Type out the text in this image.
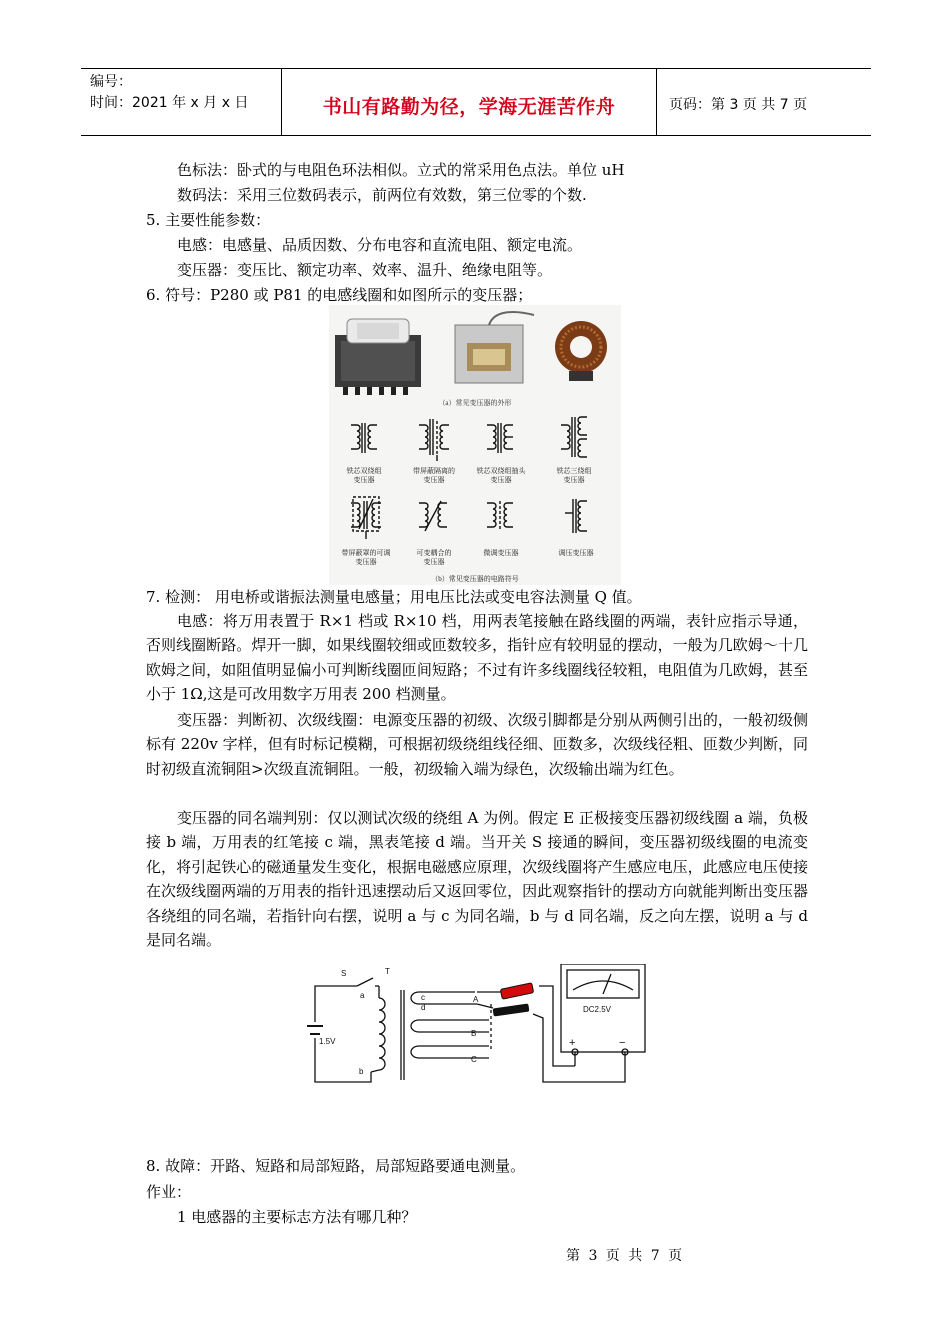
编号：
时间：2021 年 x 月 x 日	书山有路勤为径，学海无涯苦作舟	页码：第 3 页 共 7 页
色标法：卧式的与电阻色环法相似。立式的常采用色点法。单位 uH
数码法：采用三位数码表示，前两位有效数，第三位零的个数.
5. 主要性能参数：
电感：电感量、品质因数、分布电容和直流电阻、额定电流。
变压器：变压比、额定功率、效率、温升、绝缘电阻等。
6. 符号：P280 或 P81 的电感线圈和如图所示的变压器；
（a）常见变压器的外形
铁芯双绕组
变压器
带屏蔽隔离的
变压器
铁芯双绕组抽头
变压器
铁芯三绕组
变压器
带屏蔽罩的可调
变压器
可变耦合的
变压器
微调变压器	调压变压器
（b）常见变压器的电路符号
7. 检测： 用电桥或谐振法测量电感量；用电压比法或变电容法测量 Q 值。
电感：将万用表置于 R×1 档或 R×10 档，用两表笔接触在路线圈的两端，表针应指示导通，否则线圈断路。焊开一脚，如果线圈较细或匝数较多，指针应有较明显的摆动，一般为几欧姆～十几欧姆之间，如阻值明显偏小可判断线圈匝间短路；不过有许多线圈线径较粗，电阻值为几欧姆，甚至小于 1Ω,这是可改用数字万用表 200 档测量。
变压器：判断初、次级线圈：电源变压器的初级、次级引脚都是分别从两侧引出的，一般初级侧标有 220v 字样，但有时标记模糊，可根据初级绕组线径细、匝数多，次级线径粗、匝数少判断，同时初级直流铜阻>次级直流铜阻。一般，初级输入端为绿色，次级输出端为红色。
变压器的同名端判别：仅以测试次级的绕组 A 为例。假定 E 正极接变压器初级线圈 a 端，负极接 b 端，万用表的红笔接 c 端，黑表笔接 d 端。当开关 S 接通的瞬间，变压器初级线圈的电流变化，将引起铁心的磁通量发生变化，根据电磁感应原理，次级线圈将产生感应电压，此感应电压使接在次级线圈两端的万用表的指针迅速摆动后又返回零位，因此观察指针的摆动方向就能判断出变压器各绕组的同名端，若指针向右摆，说明 a 与 c 为同名端，b 与 d 同名端，反之向左摆，说明 a 与 d 是同名端。
S	T
a
b
c
d
A
B
C
1.5V
DC2.5V
+	−
8. 故障：开路、短路和局部短路，局部短路要通电测量。
作业：
1 电感器的主要标志方法有哪几种？
第 3 页 共 7 页
